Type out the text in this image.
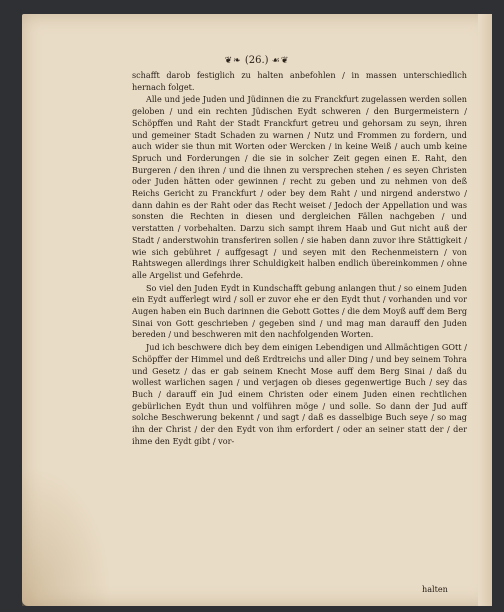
❦❧ (26.) ☙❦

schafft darob festiglich zu halten anbefohlen / in massen unterschiedlich hernach folget.

Alle und jede Juden und Jüdinnen die zu Franckfurt zugelassen werden sollen geloben / und ein rechten Jüdischen Eydt schweren / den Burgermeistern / Schöpffen und Raht der Stadt Franckfurt getreu und gehorsam zu seyn, ihren und gemeiner Stadt Schaden zu warnen / Nutz und Frommen zu fordern, und auch wider sie thun mit Worten oder Wercken / in keine Weiß / auch umb keine Spruch und Forderungen / die sie in solcher Zeit gegen einen E. Raht, den Burgeren / den ihren / und die ihnen zu versprechen stehen / es seyen Christen oder Juden hätten oder gewinnen / recht zu geben und zu nehmen von deß Reichs Gericht zu Franckfurt / oder bey dem Raht / und nirgend anderstwo / dann dahin es der Raht oder das Recht weiset / Jedoch der Appellation und was sonsten die Rechten in diesen und dergleichen Fällen nachgeben / und verstatten / vorbehalten. Darzu sich sampt ihrem Haab und Gut nicht auß der Stadt / anderstwohin transferiren sollen / sie haben dann zuvor ihre Stättigkeit / wie sich gebühret / auffgesagt / und seyen mit den Rechenmeistern / von Rahtswegen allerdings ihrer Schuldigkeit halben endlich übereinkommen / ohne alle Argelist und Gefehrde.

So viel den Juden Eydt in Kundschafft gebung anlangen thut / so einem Juden ein Eydt aufferlegt wird / soll er zuvor ehe er den Eydt thut / vorhanden und vor Augen haben ein Buch darinnen die Gebott Gottes / die dem Moyß auff dem Berg Sinai von Gott geschrieben / gegeben sind / und mag man darauff den Juden bereden / und beschweren mit den nachfolgenden Worten.

Jud ich beschwere dich bey dem einigen Lebendigen und Allmächtigen GOtt / Schöpffer der Himmel und deß Erdtreichs und aller Ding / und bey seinem Tohra und Gesetz / das er gab seinem Knecht Mose auff dem Berg Sinai / daß du wollest warlichen sagen / und verjagen ob dieses gegenwertige Buch / sey das Buch / darauff ein Jud einem Christen oder einem Juden einen rechtlichen gebürlichen Eydt thun und volführen möge / und solle. So dann der Jud auff solche Beschwerung bekennt / und sagt / daß es dasselbige Buch seye / so mag ihn der Christ / der den Eydt von ihm erfordert / oder an seiner statt der / der ihme den Eydt gibt / vor-

halten
